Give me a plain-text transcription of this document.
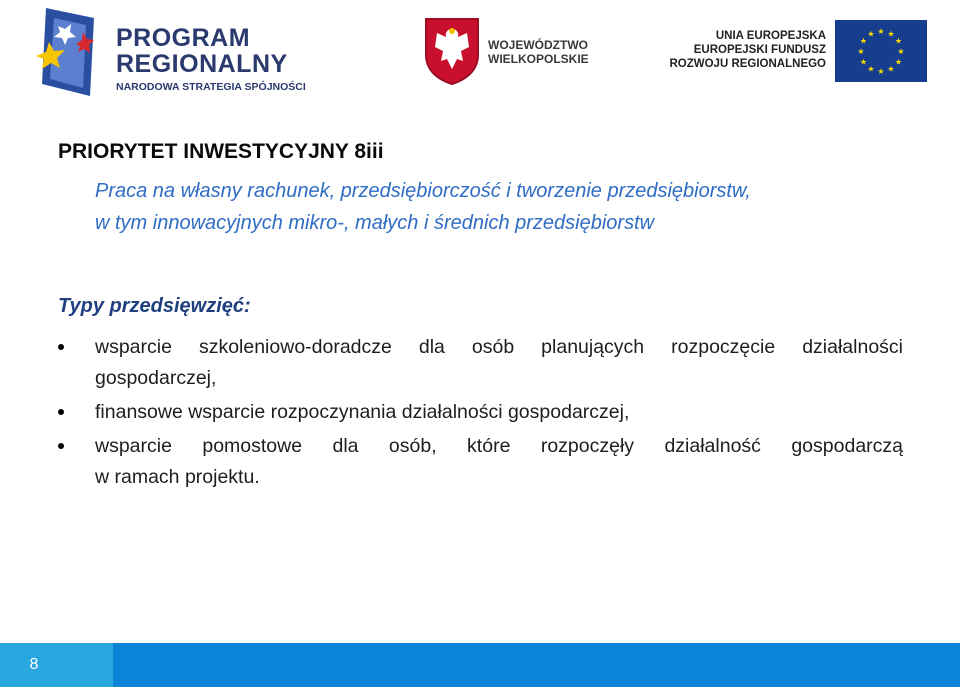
PROGRAM
REGIONALNY
NARODOWA STRATEGIA SPÓJNOŚCI
WOJEWÓDZTWO
WIELKOPOLSKIE
UNIA EUROPEJSKA
EUROPEJSKI FUNDUSZ
ROZWOJU REGIONALNEGO
★ ★
★
★
★
★
★
★
★
★
★
★
PRIORYTET INWESTYCYJNY 8iii
Praca na własny rachunek, przedsiębiorczość i tworzenie przedsiębiorstw,
w tym innowacyjnych mikro-, małych i średnich przedsiębiorstw
Typy przedsięwzięć:
wsparcie szkoleniowo-doradcze dla osób planujących rozpoczęcie działalności
gospodarczej,
finansowe wsparcie rozpoczynania działalności gospodarczej,
wsparcie pomostowe dla osób, które rozpoczęły działalność gospodarczą
w ramach projektu.
8
